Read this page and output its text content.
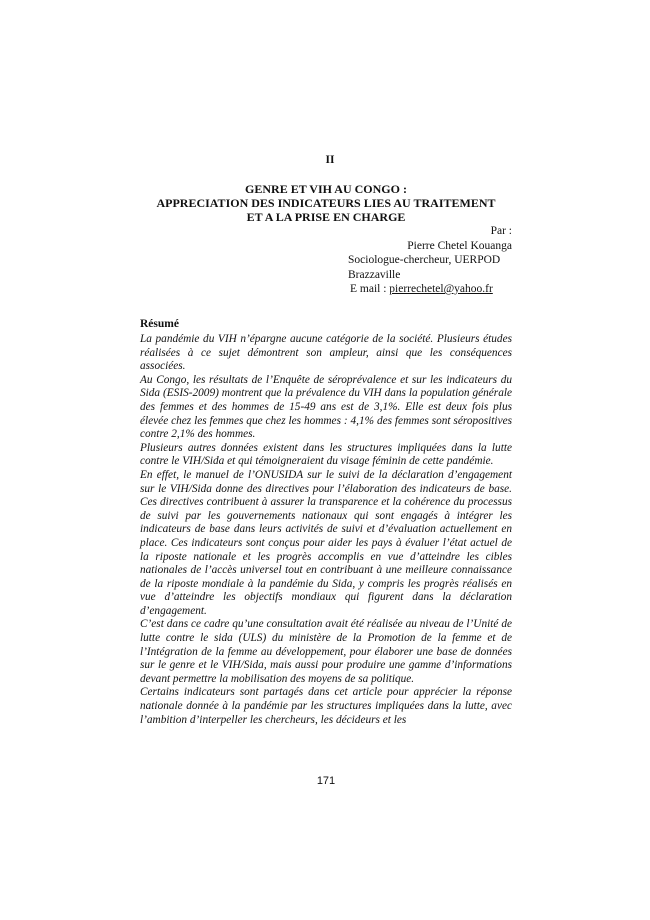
II
GENRE ET VIH AU CONGO :
APPRECIATION DES INDICATEURS LIES AU TRAITEMENT
ET A LA PRISE EN CHARGE
Par :
Pierre Chetel Kouanga
Sociologue-chercheur, UERPOD
Brazzaville
E mail : pierrechetel@yahoo.fr
Résumé

La pandémie du VIH n’épargne aucune catégorie de la société. Plusieurs études réalisées à ce sujet démontrent son ampleur, ainsi que les conséquences associées.

Au Congo, les résultats de l’Enquête de séroprévalence et sur les indicateurs du Sida (ESIS-2009) montrent que la prévalence du VIH dans la population générale des femmes et des hommes de 15-49 ans est de 3,1%. Elle est deux fois plus élevée chez les femmes que chez les hommes : 4,1% des femmes sont séropositives contre 2,1% des hommes.

Plusieurs autres données existent dans les structures impliquées dans la lutte contre le VIH/Sida et qui témoigneraient du visage féminin de cette pandémie.

En effet, le manuel de l’ONUSIDA sur le suivi de la déclaration d’engagement sur le VIH/Sida donne des directives pour l’élaboration des indicateurs de base. Ces directives contribuent à assurer la transparence et la cohérence du processus de suivi par les gouvernements nationaux qui sont engagés à intégrer les indicateurs de base dans leurs activités de suivi et d’évaluation actuellement en place. Ces indicateurs sont conçus pour aider les pays à évaluer l’état actuel de la riposte nationale et les progrès accomplis en vue d’atteindre les cibles nationales de l’accès universel tout en contribuant à une meilleure connaissance de la riposte mondiale à la pandémie du Sida, y compris les progrès réalisés en vue d’atteindre les objectifs mondiaux qui figurent dans la déclaration d’engagement.

C’est dans ce cadre qu’une consultation avait été réalisée au niveau de l’Unité de lutte contre le sida (ULS) du ministère de la Promotion de la femme et de l’Intégration de la femme au développement, pour élaborer une base de données sur le genre et le VIH/Sida, mais aussi pour produire une gamme d’informations devant permettre la mobilisation des moyens de sa politique.

Certains indicateurs sont partagés dans cet article pour apprécier la réponse nationale donnée à la pandémie par les structures impliquées dans la lutte, avec l’ambition d’interpeller les chercheurs, les décideurs et les

171
